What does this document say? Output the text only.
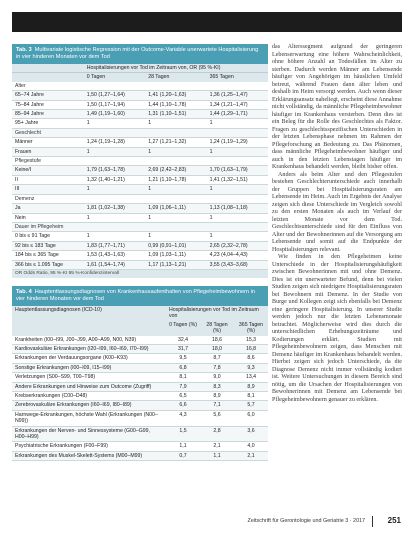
Tab. 3 Multivariate logistische Regression mit der Outcome-Variable unerwartete Hospitalisierung in vier hinderen Monaten vor dem Tod
	Hospitalisierungen vor Tod im Zeitraum von, OR (95 %-KI)		
	0 Tagen	28 Tagen	365 Tagen
Alter			
65–74 Jahre	1,50 (1,27–1,64)	1,41 (1,20–1,63)	1,36 (1,25–1,47)
75–84 Jahre	1,50 (1,17–1,94)	1,44 (1,10–1,78)	1,34 (1,21–1,47)
85–94 Jahre	1,49 (1,19–1,60)	1,31 (1,10–1,51)	1,44 (1,29–1,71)
95+ Jahre	1	1	1
Geschlecht			
Männer	1,24 (1,19–1,28)	1,27 (1,21–1,32)	1,24 (1,19–1,29)
Frauen	1	1	1
Pflegestufe			
Keine/I	1,79 (1,63–1,78)	2,69 (2,42–2,83)	1,70 (1,63–1,79)
II	1,32 (1,40–1,21)	1,21 (1,10–1,78)	1,41 (1,32–1,51)
III	1	1	1
Demenz			
Ja	1,81 (1,02–1,38)	1,09 (1,06–1,11)	1,13 (1,08–1,18)
Nein	1	1	1
Dauer im Pflegeheim			
0 bis ≤ 91 Tage	1	1	1
92 bis ≤ 183 Tage	1,83 (1,77–1,71)	0,99 (0,91–1,01)	2,65 (2,32–2,78)
184 bis ≤ 365 Tage	1,53 (1,43–1,63)	1,09 (1,03–1,11)	4,23 (4,04–4,43)
366 bis ≤ 1.095 Tage	1,61 (1,54–1,74)	1,17 (1,13–1,21)	3,55 (3,43–3,68)
OR Odds Ratio, 95 %-KI 95 %-Konfidenzintervall
Tab. 4 Hauptentlassungsdiagnosen von Krankenhausaufenthalten von Pflegeheimbewohnern in vier hinderen Monaten vor dem Tod
Hauptentlassungsdiagnosen (ICD-10)	Hospitalisierungen vor Tod im Zeitraum von		
	0 Tagen (%)	28 Tagen (%)	365 Tagen (%)
Krankheiten (I00–I99, J00–J99, A00–A99, N00, N39)	32,4	18,6	15,3
Kardiovaskuläre Erkrankungen (I20–I99, I60–I69, I70–I99)	31,7	18,0	16,8
Erkrankungen der Verdauungsorgane (K00–K93)	9,5	8,7	8,6
Sonstige Erkrankungen (I00–I09, I15–I99)	6,8	7,8	9,3
Verletzungen (S00–S99, T00–T98)	8,1	9,0	13,4
Andere Erkrankungen und Hinweise zum Outcome (Zugriff)	7,9	8,3	8,9
Krebserkrankungen (C00–D48)	6,5	8,9	8,1
Zerebrovaskuläre Erkrankungen (I60–I69, I80–I89)	6,6	7,1	5,7
Harnwege-Erkrankungen, höchste Wahl (Erkrankungen (N00–N99))	4,3	5,6	6,0
Erkrankungen der Nerven- und Sinnessysteme (G00–G99, H00–H99)	1,5	2,8	3,6
Psychiatrische Erkrankungen (F00–F99)	1,1	2,1	4,0
Erkrankungen des Muskel-Skelett-Systems (M00–M99)	0,7	1,1	2,1

das Alterssegment aufgrund der geringeren Lebenserwartung eine höhere Wahrscheinlichkeit, ohne höhere Anzahl an Todesfällen im Alter zu sterben. Dadurch werden Männer am Lebensende häufiger von Angehörigen im häuslichen Umfeld betreut, während Frauen dann älter leben und deshalb im Heim versorgt werden. Auch wenn dieser Erklärungsansatz naheliegt, erscheint diese Annahme nicht vollständig, da männliche Pflegeheimbewohner häufiger im Krankenhaus versterben. Denn dies ist ein Beleg für die Rolle des Geschlechtes als Faktor. Fragen zu geschlechtsspezifischen Unterschieden in der letzten Lebensphase nehmen im Rahmen der Pflegeforschung an Bedeutung zu. Das Phänomen, dass männliche Pflegeheimbewohner häufiger und auch in den letzten Lebenstagen häufiger im Krankenhaus behandelt werden, bleibt bisher offen.

Anders als beim Alter und den Pflegestufen bestehen Geschlechterunterschiede auch innerhalb der Gruppen bei Hospitalisierungsraten am Lebensende im Heim. Auch im Ergebnis der Analyse zeigen sich diese Unterschiede im Vergleich sowohl zu den ersten Monaten als auch im Verlauf der letzten Monate vor dem Tod. Geschlechtsunterschiede sind für den Einfluss von Alter und der Bewohnerinnen auf die Versorgung am Lebensende und somit auf die Endpunkte der Hospitalisierungen relevant.

Wie finden in den Pflegeheimen keine Unterschiede in der Hospitalisierungshäufigkeit zwischen Bewohnerinnen mit und ohne Demenz. Dies ist ein unerwarteter Befund, denn bei vielen Studien zeigen sich niedrigere Hospitalisierungsraten bei Bewohnern mit Demenz. In der Studie von Burge und Kollegen zeigt sich ebenfalls bei Demenz eine geringere Hospitalisierung. In unserer Studie werden jedoch nur die letzten Lebensmonate betrachtet. Möglicherweise wird dies durch die unterschiedlichen Erhebungszeiträume und Kodierungen erklärt. Studien mit Pflegeheimbewohnern zeigen, dass Menschen mit Demenz häufiger im Krankenhaus behandelt werden. Hierbei zeigen sich jedoch Unterschiede, da die Diagnose Demenz nicht immer vollständig kodiert ist. Weitere Untersuchungen in diesem Bereich sind nötig, um die Ursachen der Hospitalisierungen von Bewohnerinnen mit Demenz am Lebensende bei Pflegeheimbewohnern genauer zu erklären.

Zeitschrift für Gerontologie und Geriatrie 3 · 2017	251
